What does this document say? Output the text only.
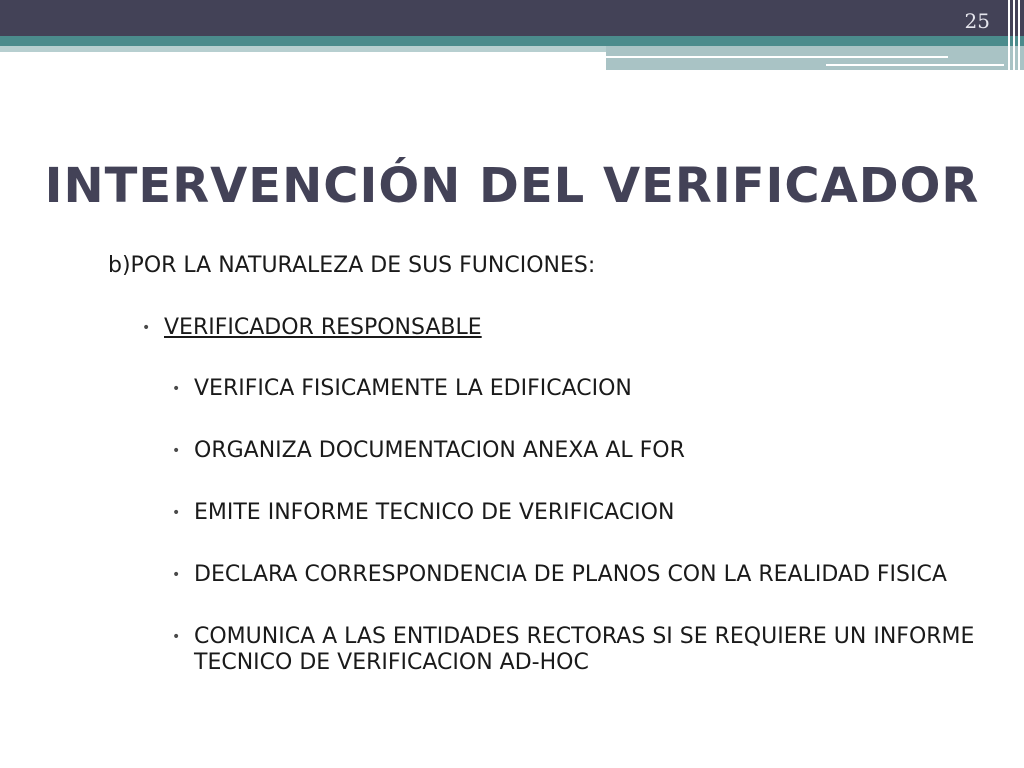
25
INTERVENCIÓN DEL VERIFICADOR
b)POR LA NATURALEZA DE SUS FUNCIONES:
• VERIFICADOR RESPONSABLE
• VERIFICA FISICAMENTE LA EDIFICACION
• ORGANIZA DOCUMENTACION ANEXA AL FOR
• EMITE INFORME TECNICO DE VERIFICACION
• DECLARA CORRESPONDENCIA DE PLANOS CON LA REALIDAD FISICA
• COMUNICA A LAS ENTIDADES RECTORAS SI SE REQUIERE UN INFORME TECNICO DE VERIFICACION AD-HOC
